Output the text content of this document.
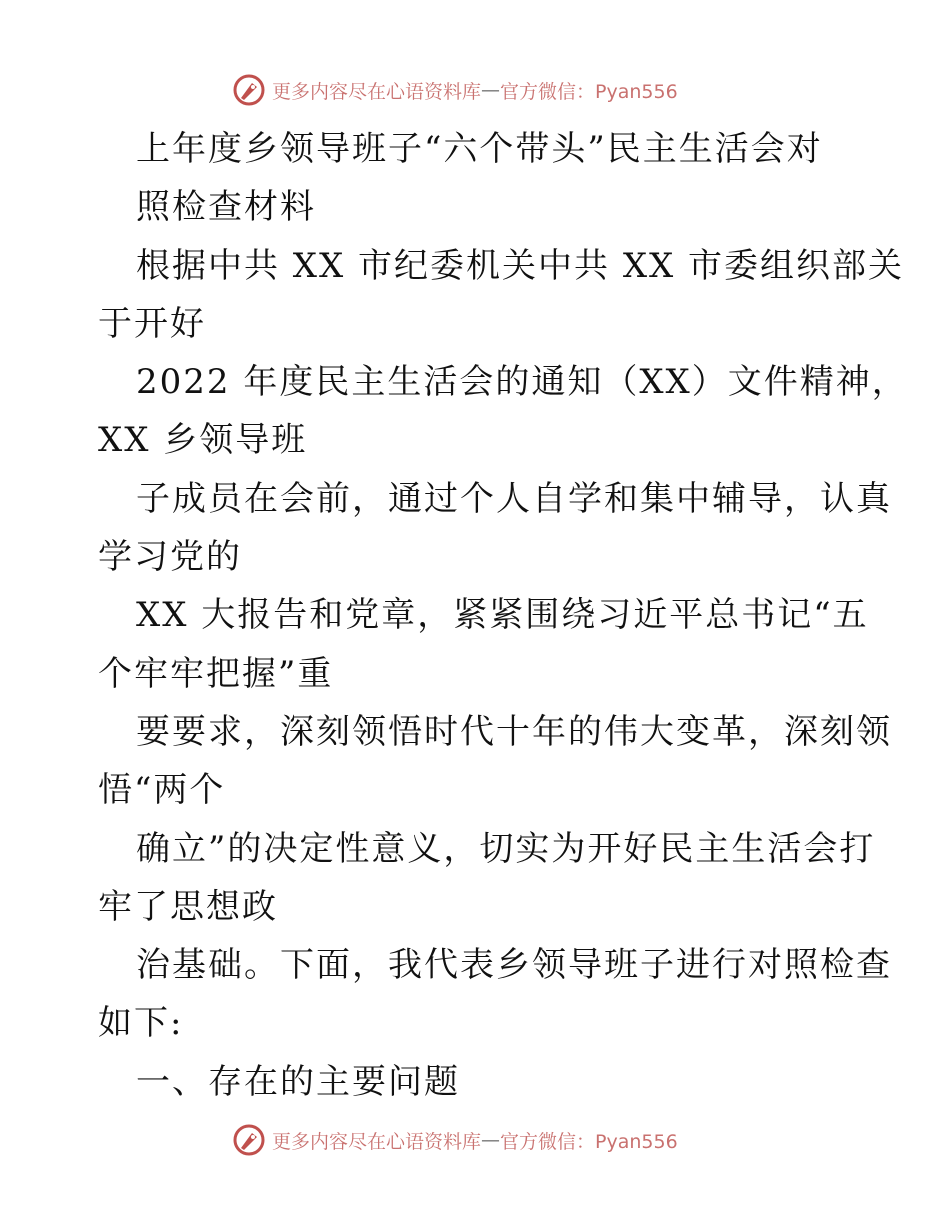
更多内容尽在心语资料库 — 官方微信：Pyan556
上年度乡领导班子“六个带头”民主生活会对
照检查材料
根据中共 XX 市纪委机关中共 XX 市委组织部关
于开好
2022 年度民主生活会的通知（XX）文件精神，
XX 乡领导班
子成员在会前，通过个人自学和集中辅导，认真
学习党的
XX 大报告和党章，紧紧围绕习近平总书记“五
个牢牢把握”重
要要求，深刻领悟时代十年的伟大变革，深刻领
悟“两个
确立”的决定性意义，切实为开好民主生活会打
牢了思想政
治基础。下面，我代表乡领导班子进行对照检查
如下:
一、存在的主要问题
更多内容尽在心语资料库 — 官方微信：Pyan556
